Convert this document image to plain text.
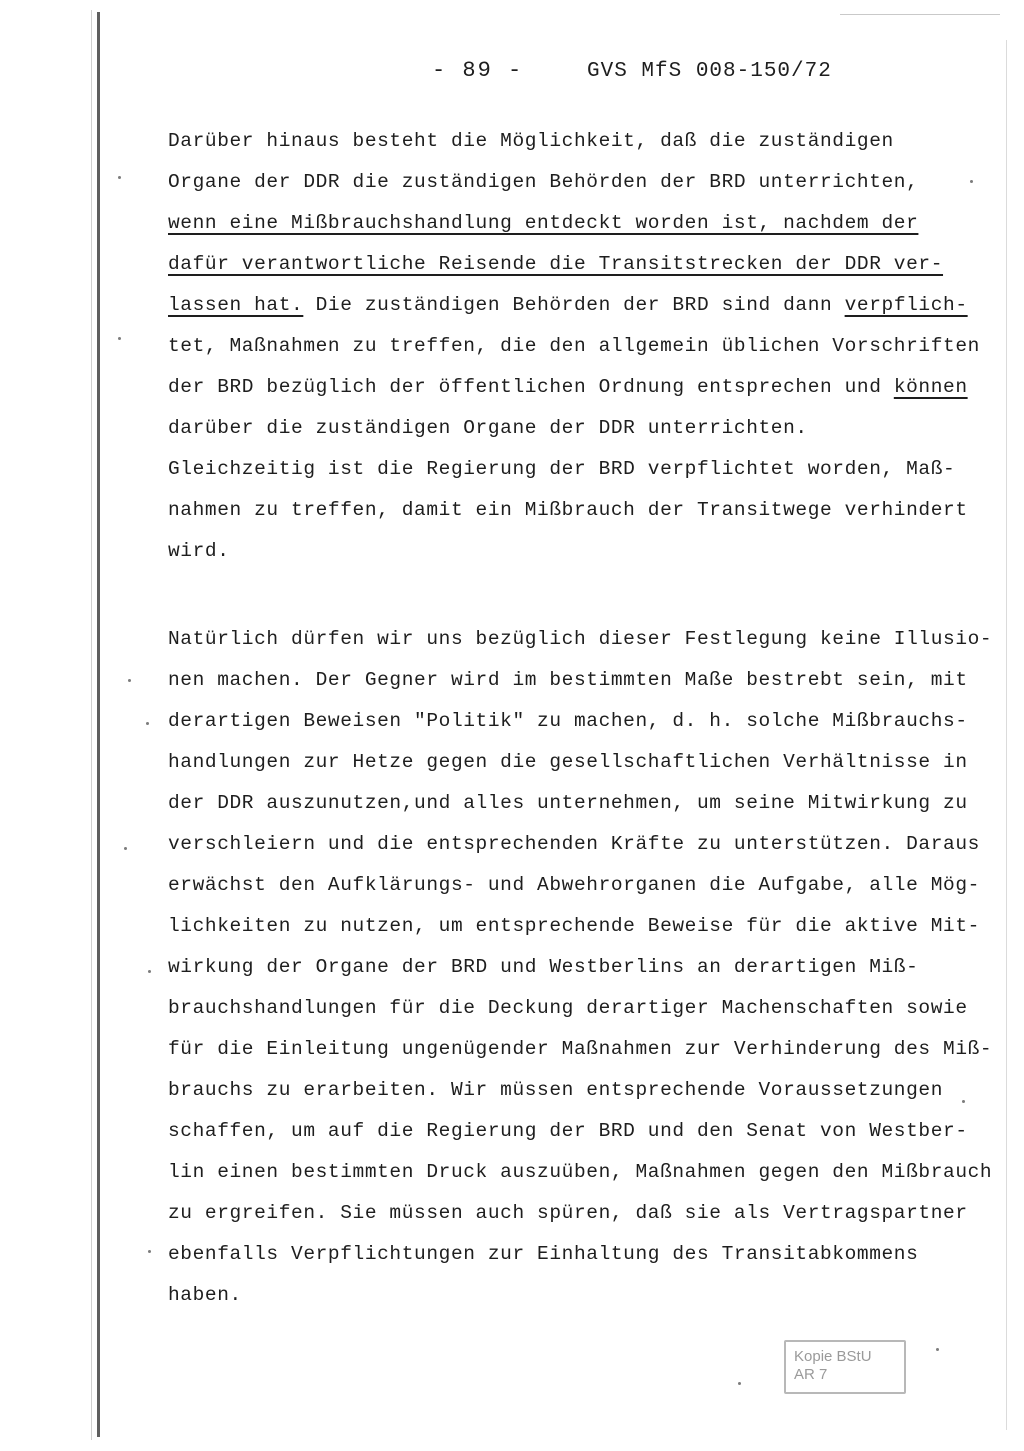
- 89 -	GVS MfS 008-150/72
Darüber hinaus besteht die Möglichkeit, daß die zuständigen
Organe der DDR die zuständigen Behörden der BRD unterrichten,
wenn eine Mißbrauchshandlung entdeckt worden ist, nachdem der
dafür verantwortliche Reisende die Transitstrecken der DDR ver-
lassen hat. Die zuständigen Behörden der BRD sind dann verpflich-
tet, Maßnahmen zu treffen, die den allgemein üblichen Vorschriften
der BRD bezüglich der öffentlichen Ordnung entsprechen und können
darüber die zuständigen Organe der DDR unterrichten.
Gleichzeitig ist die Regierung der BRD verpflichtet worden, Maß-
nahmen zu treffen, damit ein Mißbrauch der Transitwege verhindert
wird.
Natürlich dürfen wir uns bezüglich dieser Festlegung keine Illusio-
nen machen. Der Gegner wird im bestimmten Maße bestrebt sein, mit
derartigen Beweisen "Politik" zu machen, d. h. solche Mißbrauchs-
handlungen zur Hetze gegen die gesellschaftlichen Verhältnisse in
der DDR auszunutzen,und alles unternehmen, um seine Mitwirkung zu
verschleiern und die entsprechenden Kräfte zu unterstützen. Daraus
erwächst den Aufklärungs- und Abwehrorganen die Aufgabe, alle Mög-
lichkeiten zu nutzen, um entsprechende Beweise für die aktive Mit-
wirkung der Organe der BRD und Westberlins an derartigen Miß-
brauchshandlungen für die Deckung derartiger Machenschaften sowie
für die Einleitung ungenügender Maßnahmen zur Verhinderung des Miß-
brauchs zu erarbeiten. Wir müssen entsprechende Voraussetzungen
schaffen, um auf die Regierung der BRD und den Senat von Westber-
lin einen bestimmten Druck auszuüben, Maßnahmen gegen den Mißbrauch
zu ergreifen. Sie müssen auch spüren, daß sie als Vertragspartner
ebenfalls Verpflichtungen zur Einhaltung des Transitabkommens
haben.
Kopie BStU
AR 7
